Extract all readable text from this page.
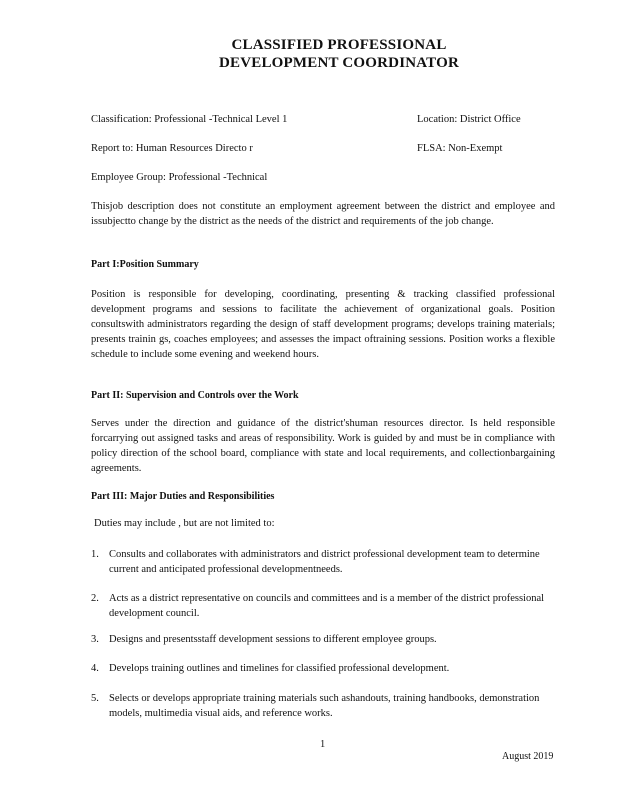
CLASSIFIED PROFESSIONAL
DEVELOPMENT COORDINATOR
Classification: Professional -Technical Level 1	Location: District Office
Report to: Human Resources Directo r	FLSA: Non-Exempt
Employee Group: Professional -Technical
Thisjob description does not constitute an employment agreement between the district and employee and issubjectto change by the district as the needs of the district and requirements of the job change.
Part I:Position Summary
Position is responsible for developing, coordinating, presenting & tracking classified professional development programs and sessions to facilitate the achievement of organizational goals. Position consultswith administrators regarding the design of staff development programs; develops training materials; presents trainin gs, coaches employees; and assesses the impact oftraining sessions. Position works a flexible schedule to include some evening and weekend hours.
Part II: Supervision and Controls over the Work
Serves under the direction and guidance of the district'shuman resources director. Is held responsible forcarrying out assigned tasks and areas of responsibility. Work is guided by and must be in compliance with policy direction of the school board, compliance with state and local requirements, and collectionbargaining agreements.
Part III: Major Duties and Responsibilities
Duties may include , but are not limited to:
1. Consults and collaborates with administrators and district professional development team to determine current and anticipated professional developmentneeds.
2. Acts as a district representative on councils and committees and is a member of the district professional development council.
3. Designs and presentsstaff development sessions to different employee groups.
4. Develops training outlines and timelines for classified professional development.
5. Selects or develops appropriate training materials such ashandouts, training handbooks, demonstration models, multimedia visual aids, and reference works.
1
August 2019
